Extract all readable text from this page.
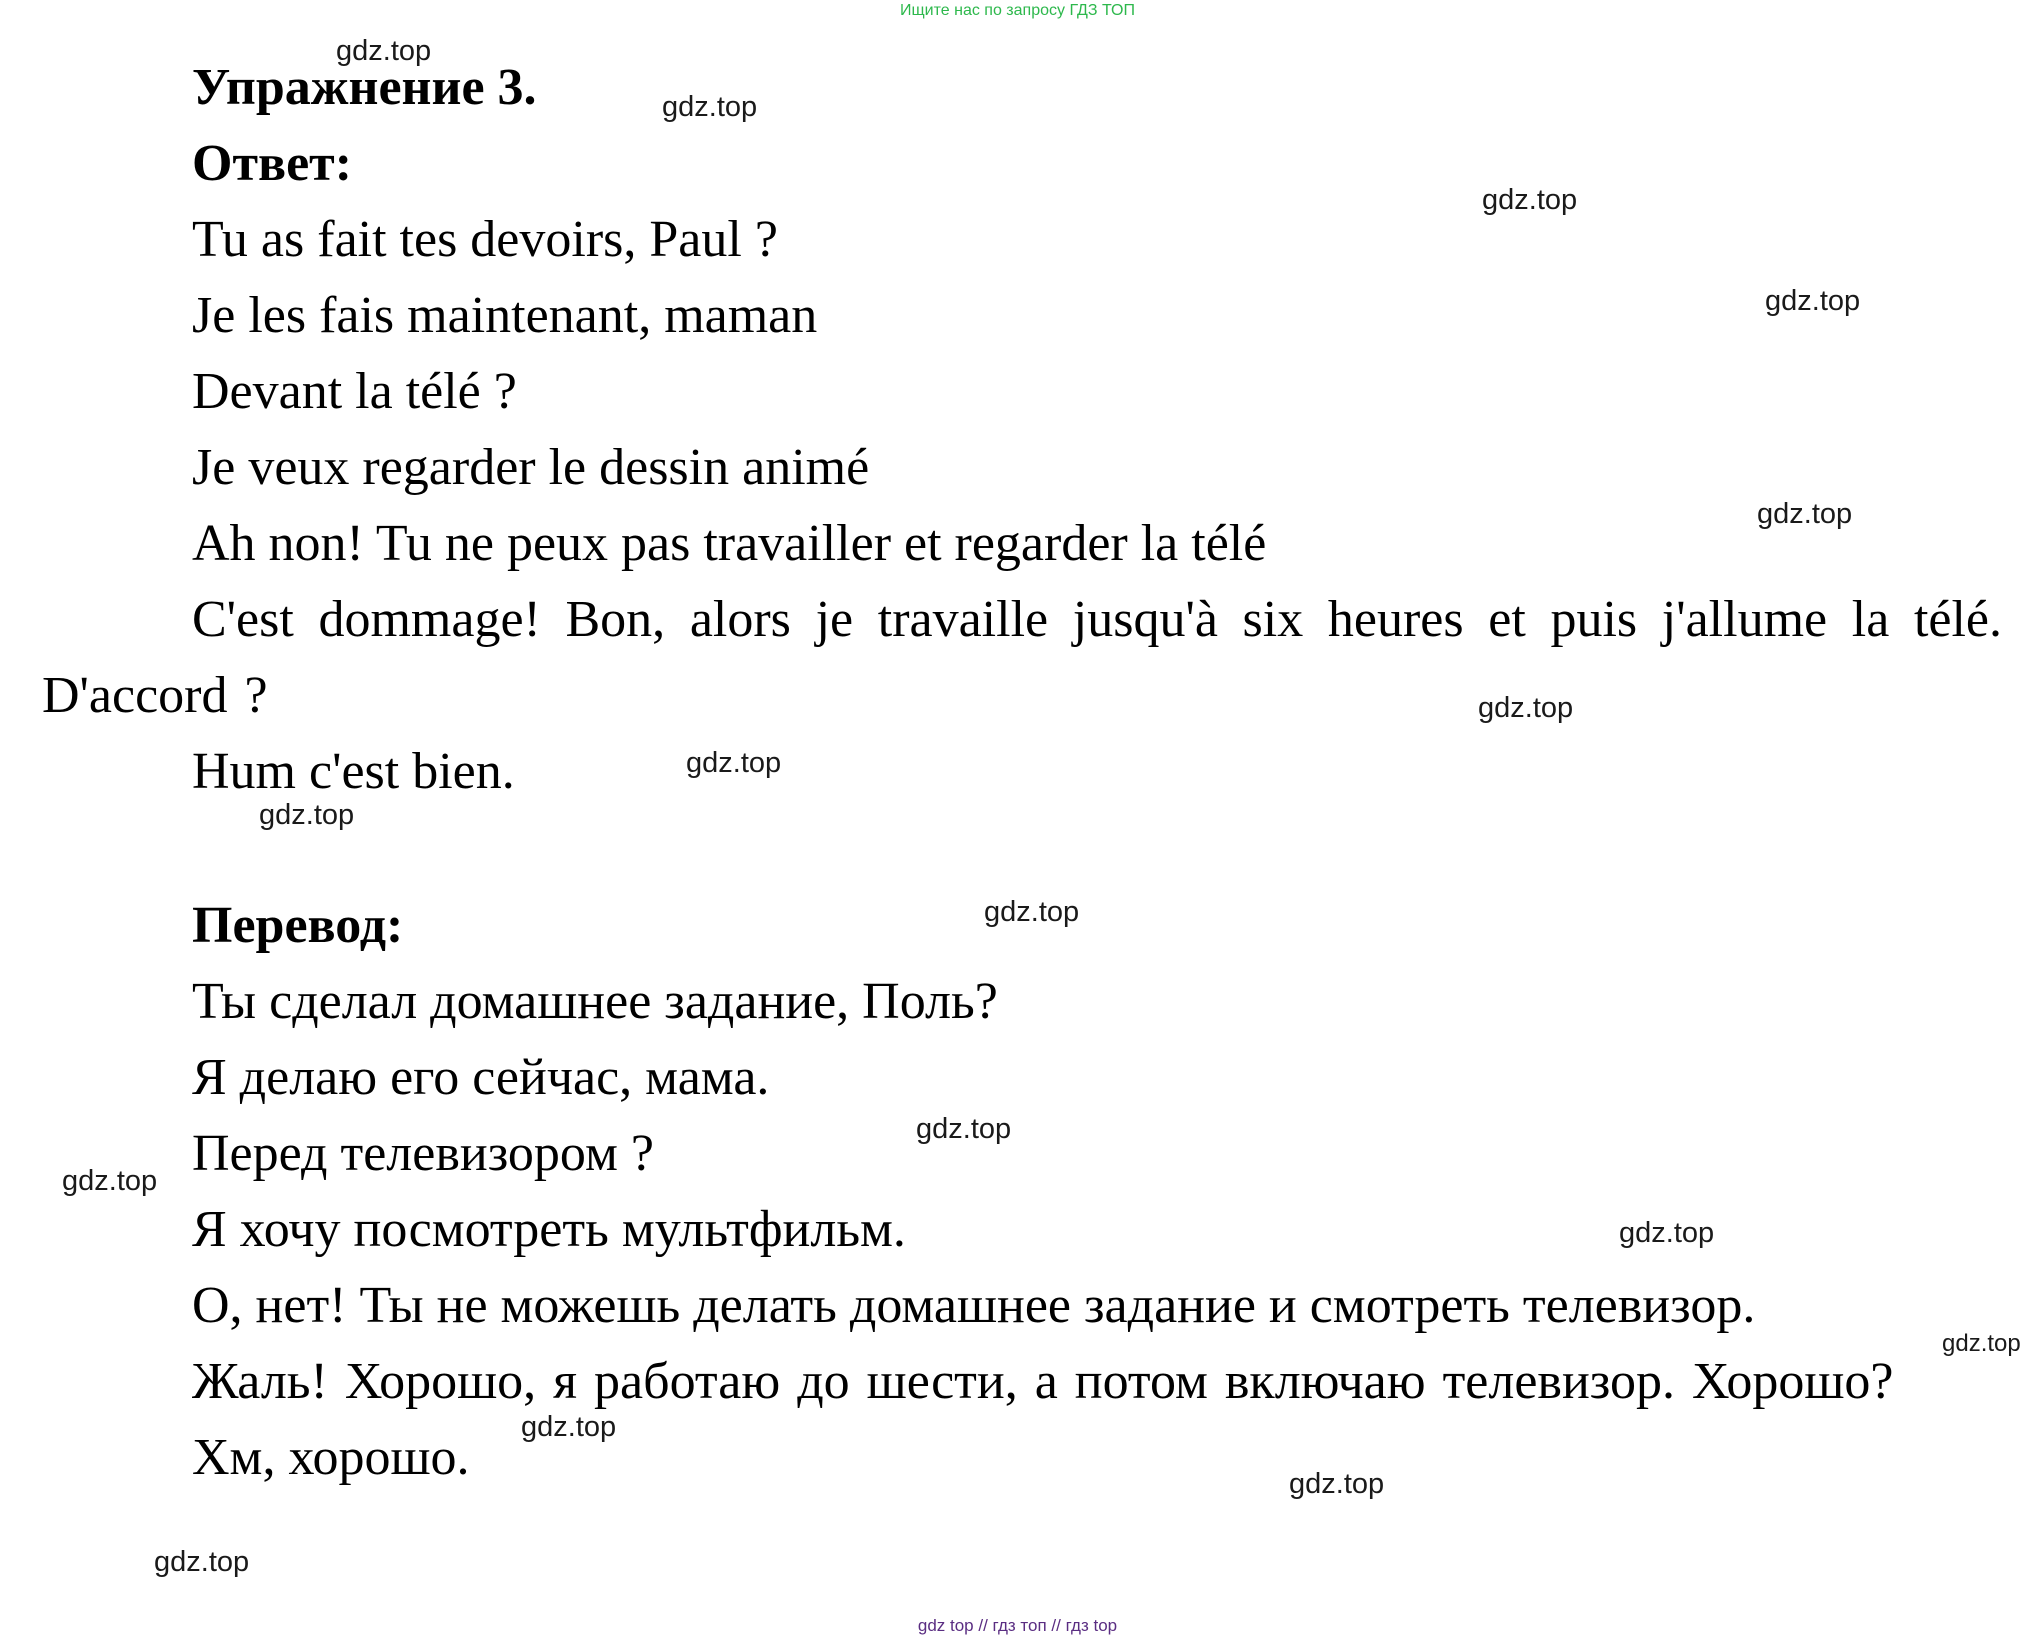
Ищите нас по запросу ГДЗ ТОП

Упражнение 3.

Ответ:

Tu as fait tes devoirs, Paul ?

Je les fais maintenant, maman

Devant la télé ?

Je veux regarder le dessin animé

Ah non! Tu ne peux pas travailler et regarder la télé

C'est dommage! Bon, alors je travaille jusqu'à six heures et puis j'allume la télé. D'accord ?

Hum c'est bien.

Перевод:

Ты сделал домашнее задание, Поль?

Я делаю его сейчас, мама.

Перед телевизором ?

Я хочу посмотреть мультфильм.

О, нет! Ты не можешь делать домашнее задание и смотреть телевизор.

Жаль! Хорошо, я работаю до шести, а потом включаю телевизор. Хорошо?

Хм, хорошо.

gdz.top
gdz.top
gdz.top
gdz.top
gdz.top
gdz.top
gdz.top
gdz.top
gdz.top
gdz.top
gdz.top
gdz.top
gdz.top
gdz.top
gdz.top
gdz.top
gdz top // гдз топ // гдз top
